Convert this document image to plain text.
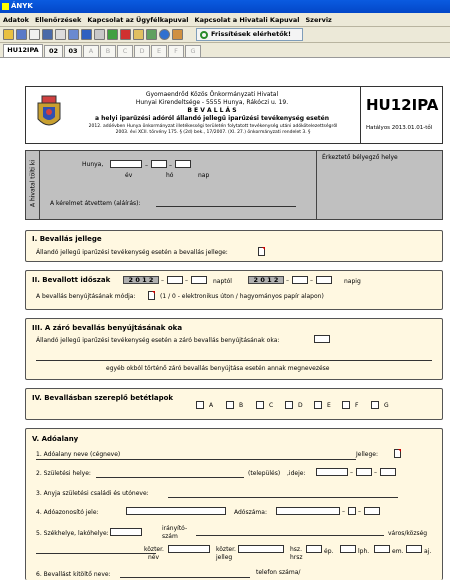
ÁNYK
Adatok Ellenőrzések Kapcsolat az Ügyfélkapuval Kapcsolat a Hivatali Kapuval Szerviz
Frissítések elérhetők!
HU12IPA	02	03	A	B	C	D	E	F	G
Gyomaendrőd Közös Önkormányzati Hivatal
Hunyai Kirendeltsége - 5555 Hunya, Rákóczi u. 19.
B E V A L L Á S
a helyi iparűzési adóról állandó jellegű iparűzési tevékenység esetén
2012. adóévben Hunya önkormányzat illetékességi területén folytatott tevékenység utáni adókötelezettségről 2003. évi XCII. törvény 175. § (2d) bek., 17/2007. (XI. 27.) önkormányzati rendelet 3. §
HU12IPA
Hatályos 2013.01.01-től
A hivatal tölti ki	Hunya,	–	–
év	hó	nap
A kérelmet átvettem (aláírás):
Érkeztető bélyegző helye
I. Bevallás jellege
Állandó jellegű iparűzési tevékenység esetén a bevallás jellege:
II. Bevallott időszak	2 0 1 2	–	–	naptól	2 0 1 2	–	–	napig
A bevallás benyújtásának módja:	(1 / 0 - elektronikus úton / hagyományos papír alapon)
III. A záró bevallás benyújtásának oka
Állandó jellegű iparűzési tevékenység esetén a záró bevallás benyújtásának oka:
egyéb okból történő záró bevallás benyújtása esetén annak megnevezése
IV. Bevallásban szereplő betétlapok
A	B	C	D	E	F	G
V. Adóalany
1. Adóalany neve (cégneve)	Jellege:
2. Születési helye:	(település) ,ideje:	–	–
3. Anyja születési családi és utóneve:
4. Adóazonosító jele:	Adószáma:	– –
5. Székhelye, lakóhelye:
irányító-
szám	város/község
közter.
név
közter.
jelleg
hsz.
hrsz
ép.	lph.	em.	aj.
6. Bevallást kitöltő neve:	telefon száma/
